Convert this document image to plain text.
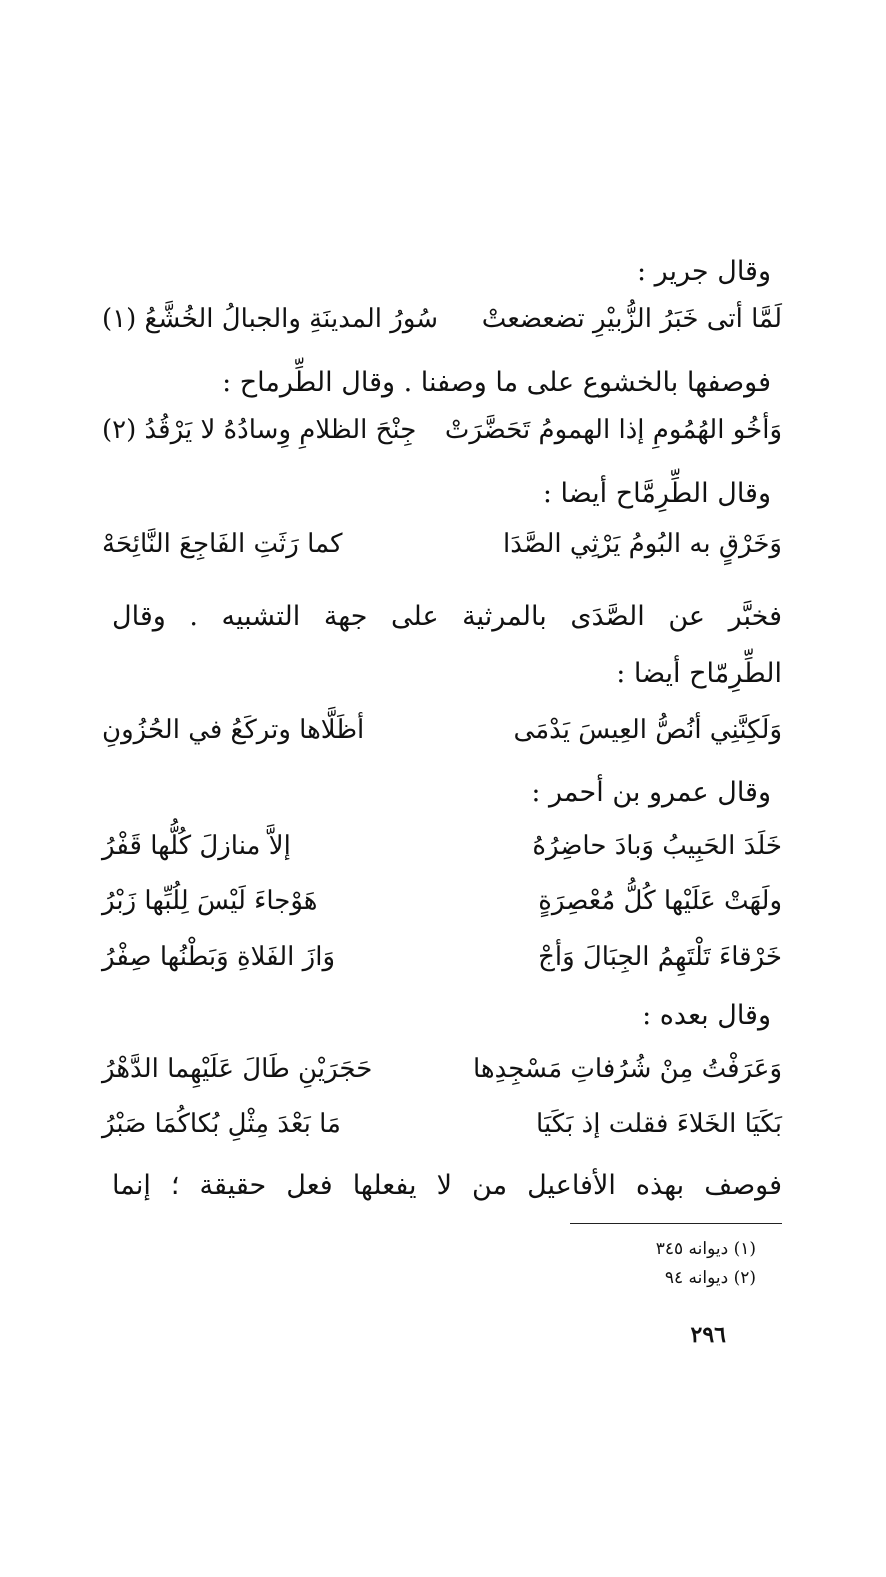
وقال جرير :
لَمَّا أتى خَبَرُ الزُّبيْرِ تضعضعتْ
سُورُ المدينَةِ والجبالُ الخُشَّعُ (١)
فوصفها بالخشوع على ما وصفنا . وقال الطِّرماح :
وَأخُو الهُمُومِ إذا الهمومُ تَحَضَّرَتْ
جِنْحَ الظلامِ وِسادُهُ لا يَرْقُدُ (٢)
وقال الطِّرِمَّاح أيضا :
وَخَرْقٍ به البُومُ يَرْثِي الصَّدَا
كما رَثَتِ الفَاجِعَ النَّائِحَهْ
فخبَّر عن الصَّدَى بالمرثية على جهة التشبيه . وقال
الطِّرِمّاح أيضا :
وَلَكِنَّنِي أنُصُّ العِيسَ يَدْمَى
أظَلَّاها وتركَعُ في الحُزُونِ
وقال عمرو بن أحمر :
خَلَدَ الحَبِيبُ وَبادَ حاضِرُهُ
إلاَّ منازلَ كُلُّها قَفْرُ
ولَهَتْ عَلَيْها كُلُّ مُعْصِرَةٍ
هَوْجاءَ لَيْسَ لِلُبِّها زَبْرُ
خَرْقاءَ تَلْتَهِمُ الجِبَالَ وَأجْ
وَازَ الفَلاةِ وَبَطْنُها صِفْرُ
وقال بعده :
وَعَرَفْتُ مِنْ شُرُفاتِ مَسْجِدِها
حَجَرَيْنِ طَالَ عَلَيْهِما الدَّهْرُ
بَكَيَا الخَلاءَ فقلت إذ بَكَيَا
مَا بَعْدَ مِثْلِ بُكاكُمَا صَبْرُ
فوصف بهذه الأفاعيل من لا يفعلها فعل حقيقة ؛ إنما
(١) ديوانه ٣٤٥
(٢) ديوانه ٩٤
٢٩٦
